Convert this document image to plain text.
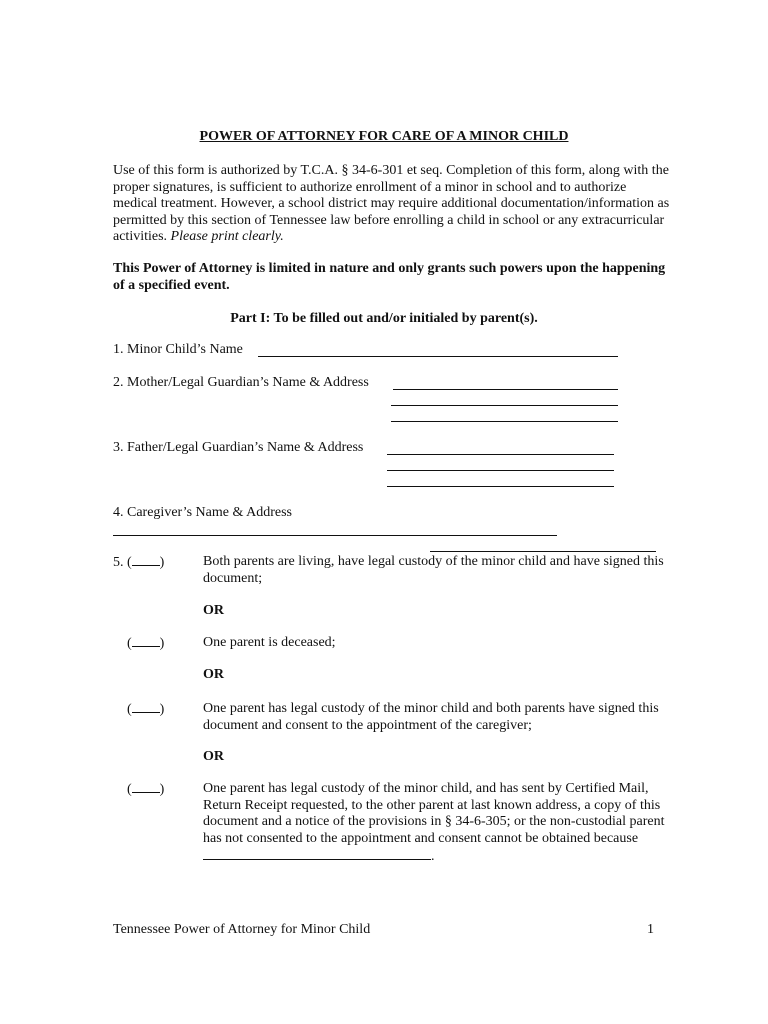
POWER OF ATTORNEY FOR CARE OF A MINOR CHILD
Use of this form is authorized by T.C.A. § 34-6-301 et seq. Completion of this form, along with the proper signatures, is sufficient to authorize enrollment of a minor in school and to authorize medical treatment. However, a school district may require additional documentation/information as permitted by this section of Tennessee law before enrolling a child in school or any extracurricular activities. Please print clearly.
This Power of Attorney is limited in nature and only grants such powers upon the happening of a specified event.
Part I: To be filled out and/or initialed by parent(s).
1. Minor Child’s Name
2. Mother/Legal Guardian’s Name & Address
3. Father/Legal Guardian’s Name & Address
4. Caregiver’s Name & Address
5. ( )	Both parents are living, have legal custody of the minor child and have signed this document;
OR
( )	One parent is deceased;
OR
( )	One parent has legal custody of the minor child and both parents have signed this document and consent to the appointment of the caregiver;
OR
( )	One parent has legal custody of the minor child, and has sent by Certified Mail, Return Receipt requested, to the other parent at last known address, a copy of this document and a notice of the provisions in § 34-6-305; or the non-custodial parent has not consented to the appointment and consent cannot be obtained because .
Tennessee Power of Attorney for Minor Child	1
